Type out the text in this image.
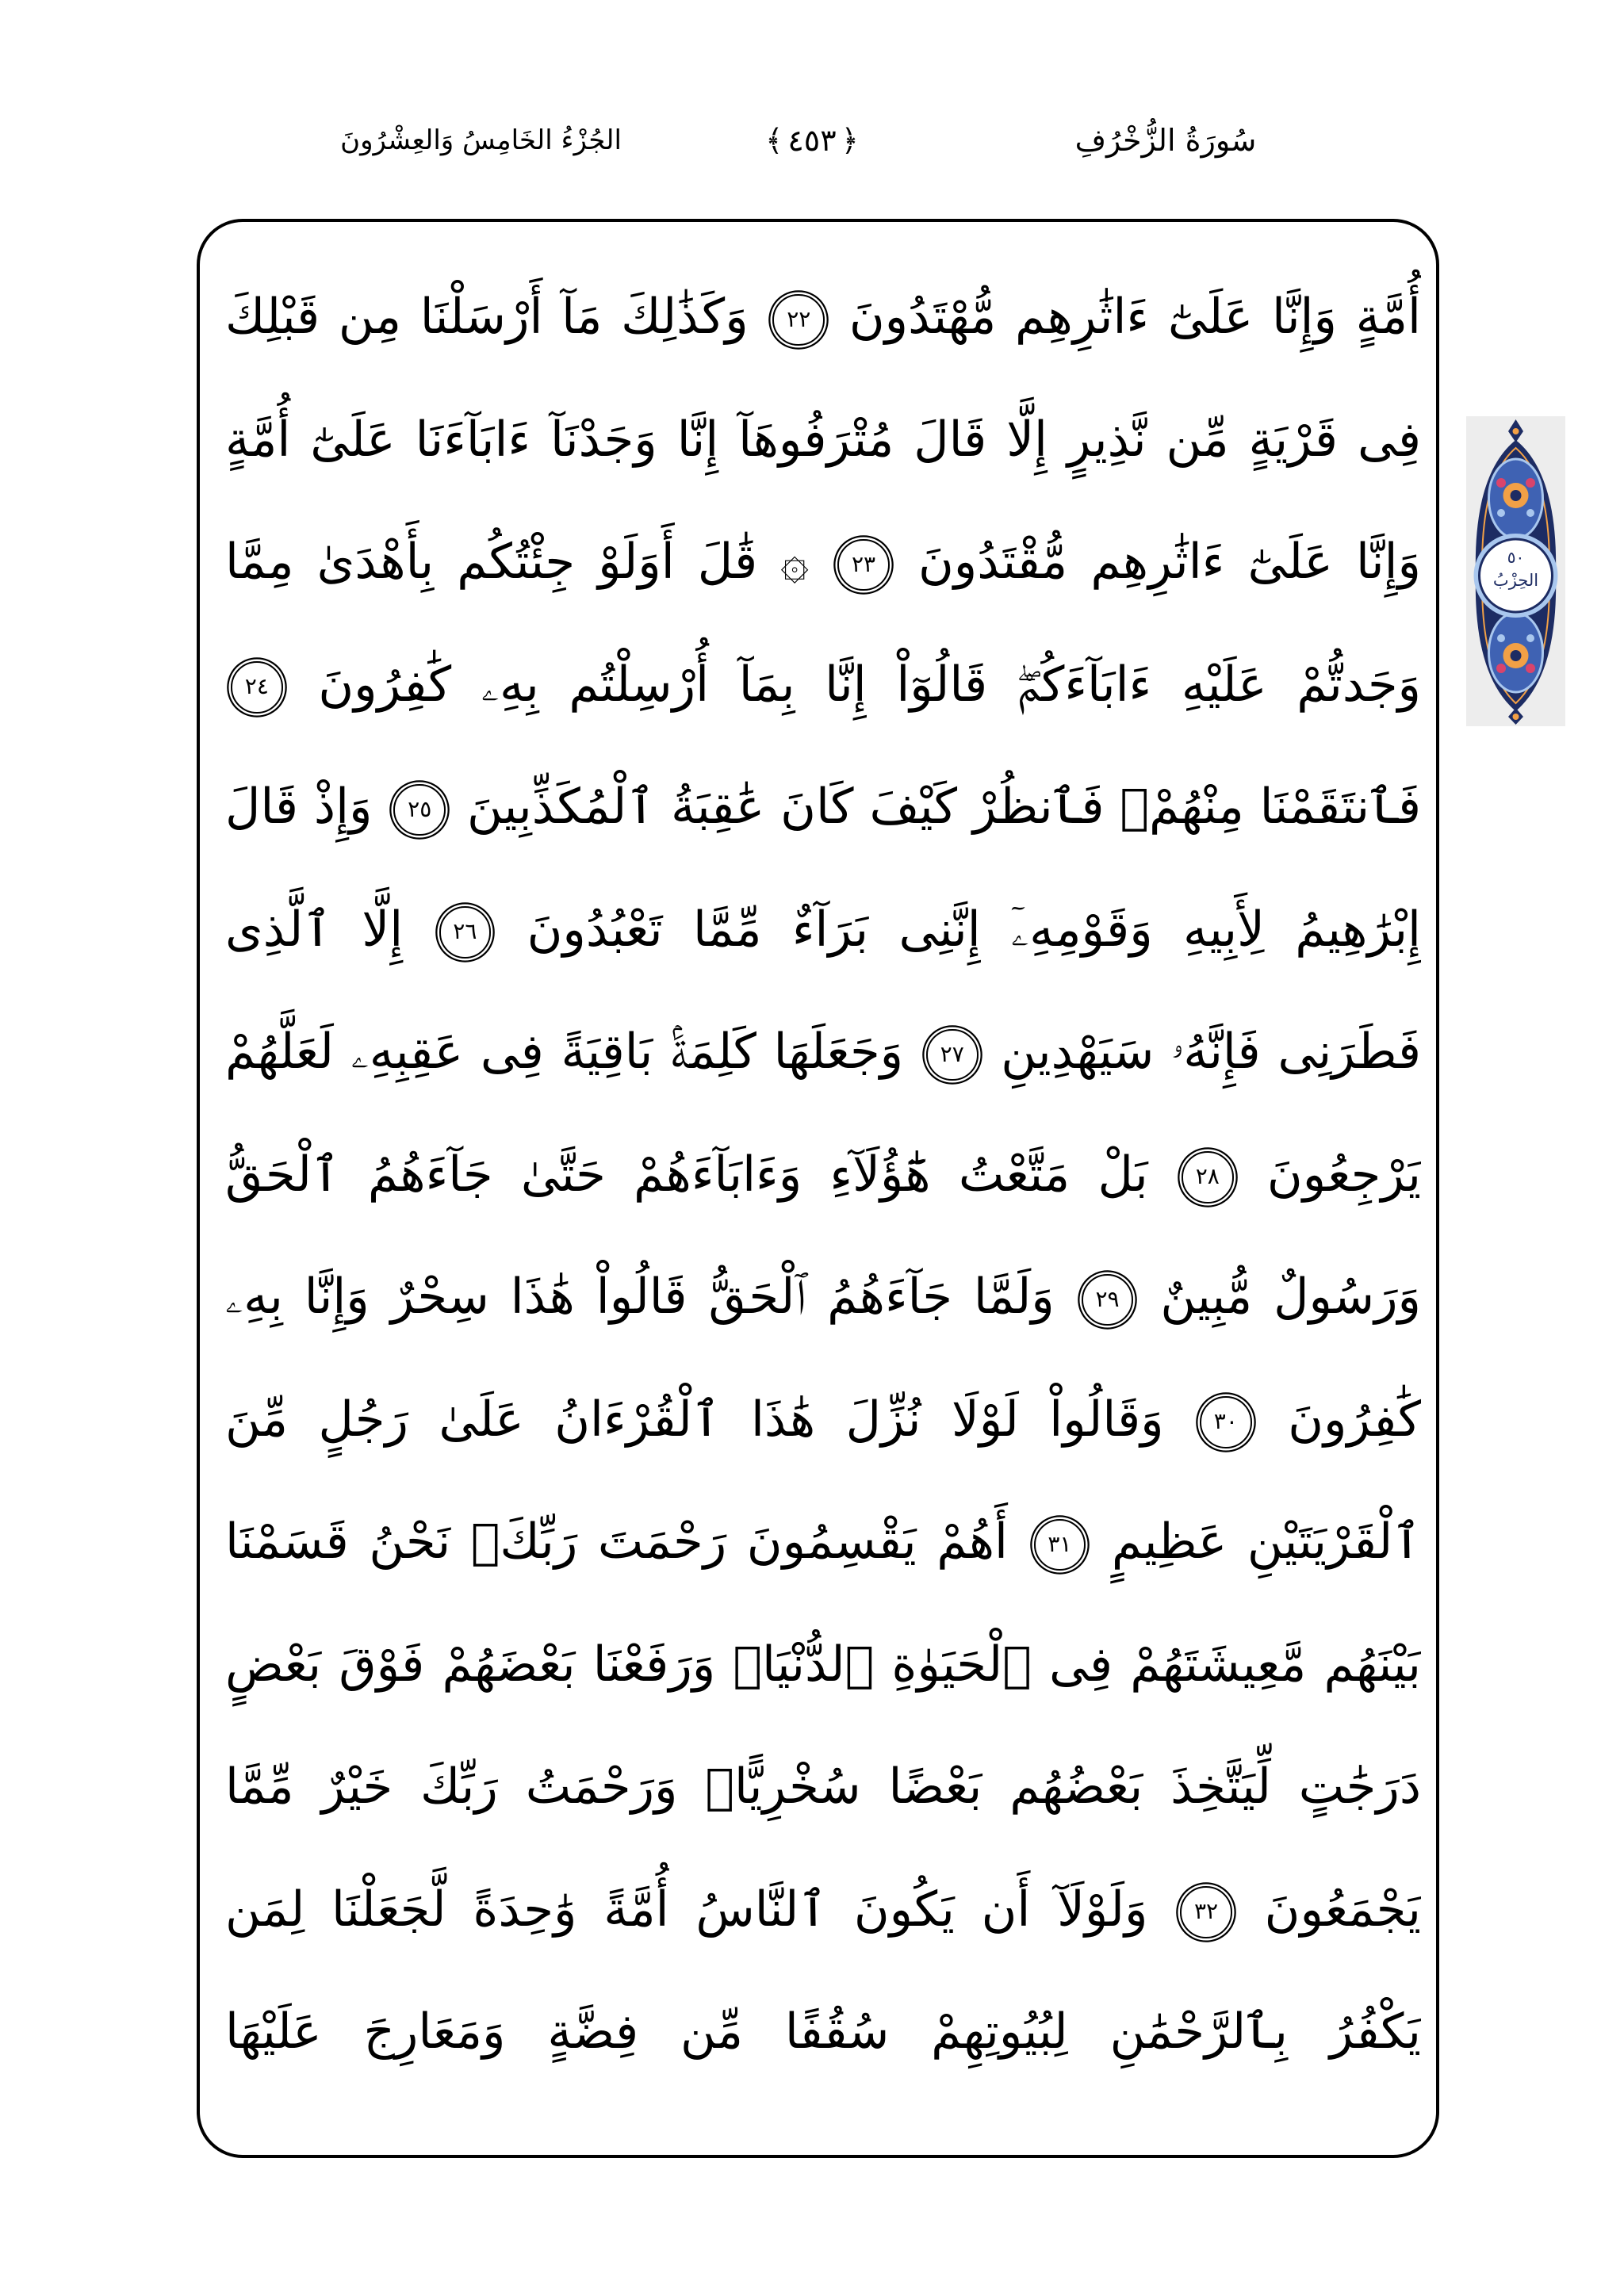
سُورَةُ الزُّخْرُفِ
﴿ ٤٥٣ ﴾
الجُزْءُ الخَامِسُ وَالعِشْرُونَ
٥٠
الحِزْبُ
أُمَّةٍ وَإِنَّا عَلَىٰٓ ءَاثَٰرِهِم مُّهْتَدُونَ ٢٢ وَكَذَٰلِكَ مَآ أَرْسَلْنَا مِن قَبْلِكَ
فِى قَرْيَةٍ مِّن نَّذِيرٍ إِلَّا قَالَ مُتْرَفُوهَآ إِنَّا وَجَدْنَآ ءَابَآءَنَا عَلَىٰٓ أُمَّةٍ
وَإِنَّا عَلَىٰٓ ءَاثَٰرِهِم مُّقْتَدُونَ ٢٣ ۞ قَٰلَ أَوَلَوْ جِئْتُكُم بِأَهْدَىٰ مِمَّا
وَجَدتُّمْ عَلَيْهِ ءَابَآءَكُمْۖ قَالُوٓاْ إِنَّا بِمَآ أُرْسِلْتُم بِهِۦ كَٰفِرُونَ ٢٤
فَٱنتَقَمْنَا مِنْهُمْۖ فَٱنظُرْ كَيْفَ كَانَ عَٰقِبَةُ ٱلْمُكَذِّبِينَ ٢٥ وَإِذْ قَالَ
إِبْرَٰهِيمُ لِأَبِيهِ وَقَوْمِهِۦٓ إِنَّنِى بَرَآءٌ مِّمَّا تَعْبُدُونَ ٢٦ إِلَّا ٱلَّذِى
فَطَرَنِى فَإِنَّهُۥ سَيَهْدِينِ ٢٧ وَجَعَلَهَا كَلِمَةَۢ بَاقِيَةً فِى عَقِبِهِۦ لَعَلَّهُمْ
يَرْجِعُونَ ٢٨ بَلْ مَتَّعْتُ هَٰٓؤُلَآءِ وَءَابَآءَهُمْ حَتَّىٰ جَآءَهُمُ ٱلْحَقُّ
وَرَسُولٌ مُّبِينٌ ٢٩ وَلَمَّا جَآءَهُمُ ٱلْحَقُّ قَالُواْ هَٰذَا سِحْرٌ وَإِنَّا بِهِۦ
كَٰفِرُونَ ٣٠ وَقَالُواْ لَوْلَا نُزِّلَ هَٰذَا ٱلْقُرْءَانُ عَلَىٰ رَجُلٍ مِّنَ
ٱلْقَرْيَتَيْنِ عَظِيمٍ ٣١ أَهُمْ يَقْسِمُونَ رَحْمَتَ رَبِّكَۚ نَحْنُ قَسَمْنَا
بَيْنَهُم مَّعِيشَتَهُمْ فِى ٱلْحَيَوٰةِ ٱلدُّنْيَاۚ وَرَفَعْنَا بَعْضَهُمْ فَوْقَ بَعْضٍ
دَرَجَٰتٍ لِّيَتَّخِذَ بَعْضُهُم بَعْضًا سُخْرِيًّاۗ وَرَحْمَتُ رَبِّكَ خَيْرٌ مِّمَّا
يَجْمَعُونَ ٣٢ وَلَوْلَآ أَن يَكُونَ ٱلنَّاسُ أُمَّةً وَٰحِدَةً لَّجَعَلْنَا لِمَن
يَكْفُرُ بِٱلرَّحْمَٰنِ لِبُيُوتِهِمْ سُقُفًا مِّن فِضَّةٍ وَمَعَارِجَ عَلَيْهَا
